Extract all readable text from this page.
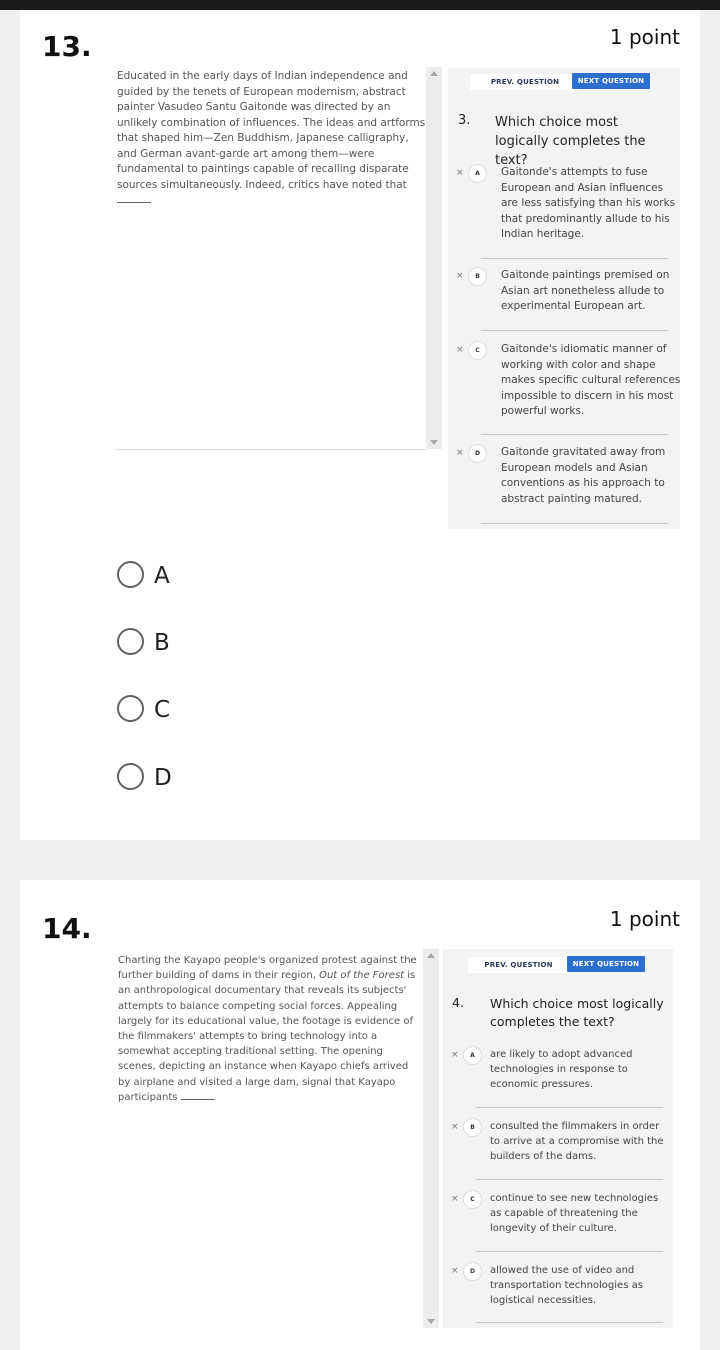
13.	1 point
Educated in the early days of Indian independence and guided by the tenets of European modernism, abstract painter Vasudeo Santu Gaitonde was directed by an unlikely combination of influences. The ideas and artforms that shaped him—Zen Buddhism, Japanese calligraphy, and German avant-garde art among them—were fundamental to paintings capable of recalling disparate sources simultaneously. Indeed, critics have noted that
PREV. QUESTION	NEXT QUESTION
3. Which choice most logically completes the text?
×	A	Gaitonde's attempts to fuse European and Asian influences are less satisfying than his works that predominantly allude to his Indian heritage.
×	B	Gaitonde paintings premised on Asian art nonetheless allude to experimental European art.
×	C	Gaitonde's idiomatic manner of working with color and shape makes specific cultural references impossible to discern in his most powerful works.
×	D	Gaitonde gravitated away from European models and Asian conventions as his approach to abstract painting matured.
A
B
C
D
14.	1 point
Charting the Kayapo people's organized protest against the further building of dams in their region, Out of the Forest is an anthropological documentary that reveals its subjects' attempts to balance competing social forces. Appealing largely for its educational value, the footage is evidence of the filmmakers' attempts to bring technology into a somewhat accepting traditional setting. The opening scenes, depicting an instance when Kayapo chiefs arrived by airplane and visited a large dam, signal that Kayapo participants
PREV. QUESTION	NEXT QUESTION
4. Which choice most logically completes the text?
×	A	are likely to adopt advanced technologies in response to economic pressures.
×	B	consulted the filmmakers in order to arrive at a compromise with the builders of the dams.
×	C	continue to see new technologies as capable of threatening the longevity of their culture.
×	D	allowed the use of video and transportation technologies as logistical necessities.
